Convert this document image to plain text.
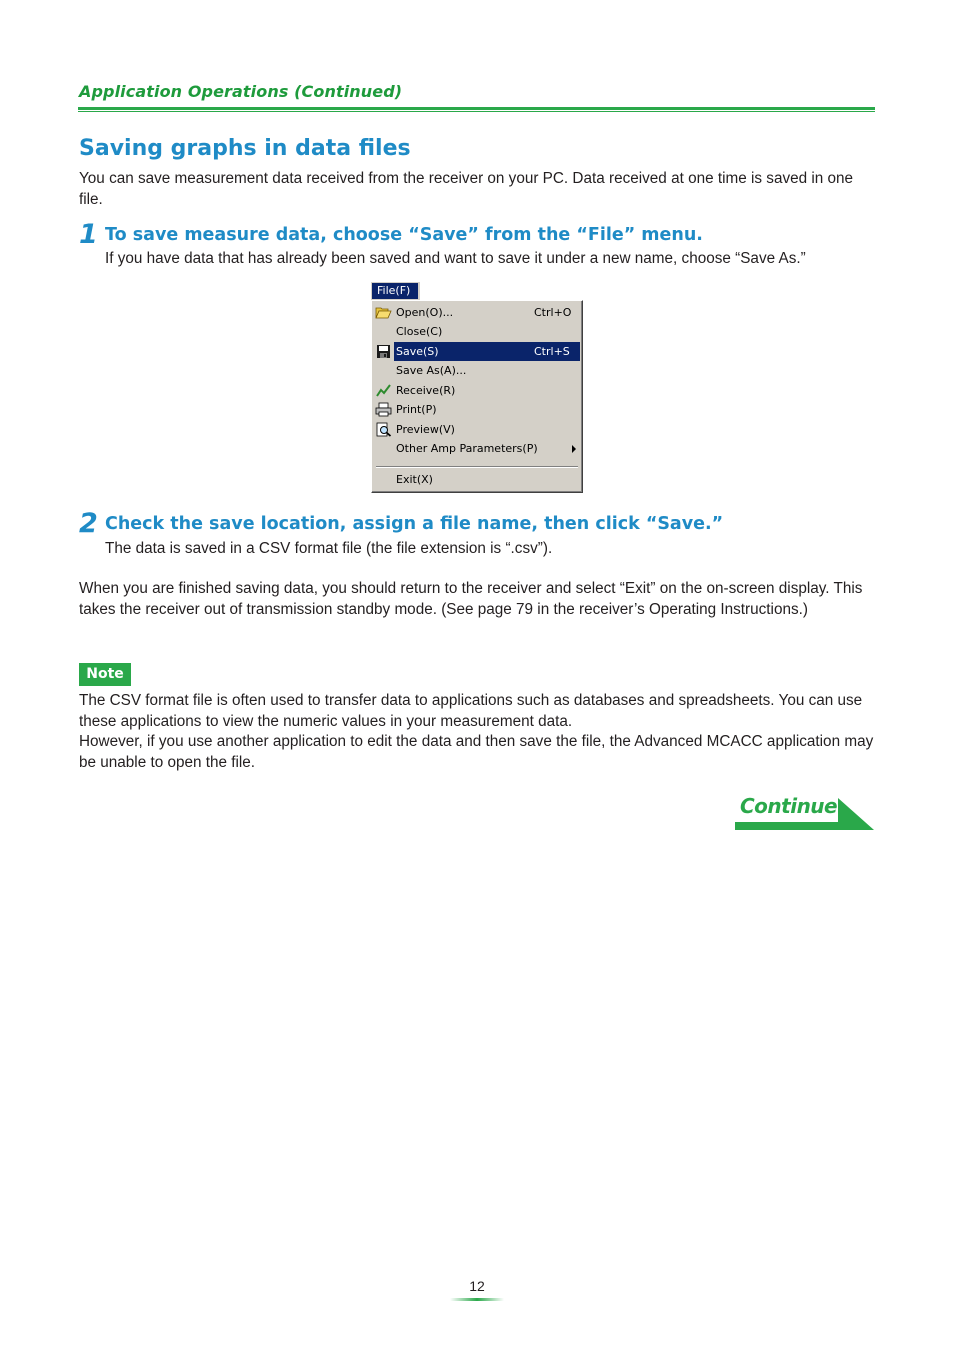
Application Operations (Continued)
Saving graphs in data files

You can save measurement data received from the receiver on your PC. Data received at one time is saved in one file.

1 To save measure data, choose “Save” from the “File” menu.

If you have data that has already been saved and want to save it under a new name, choose “Save As.”

File(F)
Open(O)...	Ctrl+O
Close(C)
Save(S)	Ctrl+S
Save As(A)...
Receive(R)
Print(P)
Preview(V)
Other Amp Parameters(P)
Exit(X)
2 Check the save location, assign a file name, then click “Save.”

The data is saved in a CSV format file (the file extension is “.csv”).

When you are finished saving data, you should return to the receiver and select “Exit” on the on-screen display. This takes the receiver out of transmission standby mode. (See page 79 in the receiver’s Operating Instructions.)

Note

The CSV format file is often used to transfer data to applications such as databases and spreadsheets. You can use these applications to view the numeric values in your measurement data.

However, if you use another application to edit the data and then save the file, the Advanced MCACC application may be unable to open the file.

Continue
12
